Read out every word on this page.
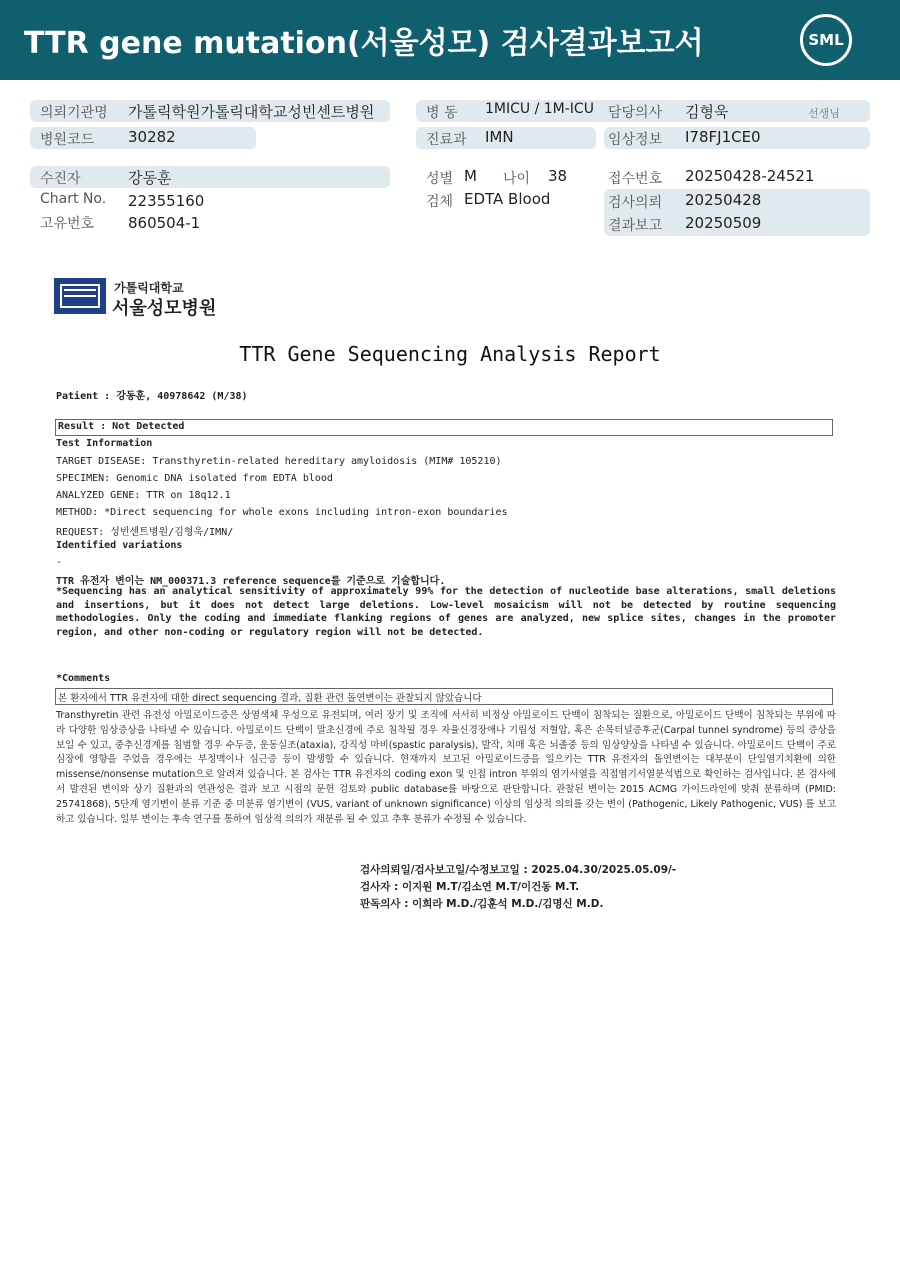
TTR gene mutation(서울성모) 검사결과보고서	SML
의뢰기관명 가톨릭학원가톨릭대학교성빈센트병원	병 동 1MICU / 1M-ICU 담당의사 김형욱	선생님
병원코드 30282	진료과 IMN	임상정보 I78FJ1CE0
수진자	강동훈	성별 M 나이 38	접수번호 20250428-24521
Chart No. 22355160	검체 EDTA Blood	검사의뢰 20250428
고유번호 860504-1	결과보고 20250509
가톨릭대학교
서울성모병원
TTR Gene Sequencing Analysis Report
Patient : 강동훈, 40978642 (M/38)
Result : Not Detected
Test Information
TARGET DISEASE: Transthyretin-related hereditary amyloidosis (MIM# 105210)
SPECIMEN: Genomic DNA isolated from EDTA blood
ANALYZED GENE: TTR on 18q12.1
METHOD: *Direct sequencing for whole exons including intron-exon boundaries
REQUEST: 성빈센트병원/김형욱/IMN/
Identified variations
-
TTR 유전자 변이는 NM_000371.3 reference sequence를 기준으로 기술합니다.
*Sequencing has an analytical sensitivity of approximately 99% for the detection of nucleotide base alterations, small deletions and insertions, but it does not detect large deletions. Low-level mosaicism will not be detected by routine sequencing methodologies. Only the coding and immediate flanking regions of genes are analyzed, new splice sites, changes in the promoter region, and other non-coding or regulatory region will not be detected.
*Comments
본 환자에서 TTR 유전자에 대한 direct sequencing 결과, 질환 관련 돌연변이는 관찰되지 않았습니다
Transthyretin 관련 유전성 아밀로이드증은 상염색체 우성으로 유전되며, 여러 장기 및 조직에 서서히 비정상 아밀로이드 단백이 침착되는 질환으로, 아밀로이드 단백이 침착되는 부위에 따라 다양한 임상증상을 나타낼 수 있습니다. 아밀로이드 단백이 말초신경에 주로 침착될 경우 자율신경장애나 기립성 저혈압, 혹은 손목터널증후군(Carpal tunnel syndrome) 등의 증상을 보일 수 있고, 중추신경계를 침범할 경우 수두증, 운동실조(ataxia), 강직성 마비(spastic paralysis), 발작, 치매 혹은 뇌졸중 등의 임상양상을 나타낼 수 있습니다. 아밀로이드 단백이 주로 심장에 영향을 주었을 경우에는 부정맥이나 심근증 등이 발생할 수 있습니다. 현재까지 보고된 아밀로이드증을 일으키는 TTR 유전자의 돌연변이는 대부분이 단일염기치환에 의한 missense/nonsense mutation으로 알려져 있습니다. 본 검사는 TTR 유전자의 coding exon 및 인접 intron 부위의 염기서열을 직접염기서열분석법으로 확인하는 검사입니다. 본 검사에서 발견된 변이와 상기 질환과의 연관성은 결과 보고 시점의 문헌 검토와 public database를 바탕으로 판단합니다. 관찰된 변이는 2015 ACMG 가이드라인에 맞춰 분류하며 (PMID: 25741868), 5단계 염기변이 분류 기준 중 미분류 염기변이 (VUS, variant of unknown significance) 이상의 임상적 의의를 갖는 변이 (Pathogenic, Likely Pathogenic, VUS) 를 보고하고 있습니다. 일부 변이는 후속 연구를 통하여 임상적 의의가 재분류 될 수 있고 추후 분류가 수정될 수 있습니다.
검사의뢰일/검사보고일/수정보고일 : 2025.04.30/2025.05.09/-
검사자 : 이지원 M.T/김소연 M.T/이건동 M.T.
판독의사 : 이희라 M.D./김훈석 M.D./김명신 M.D.
